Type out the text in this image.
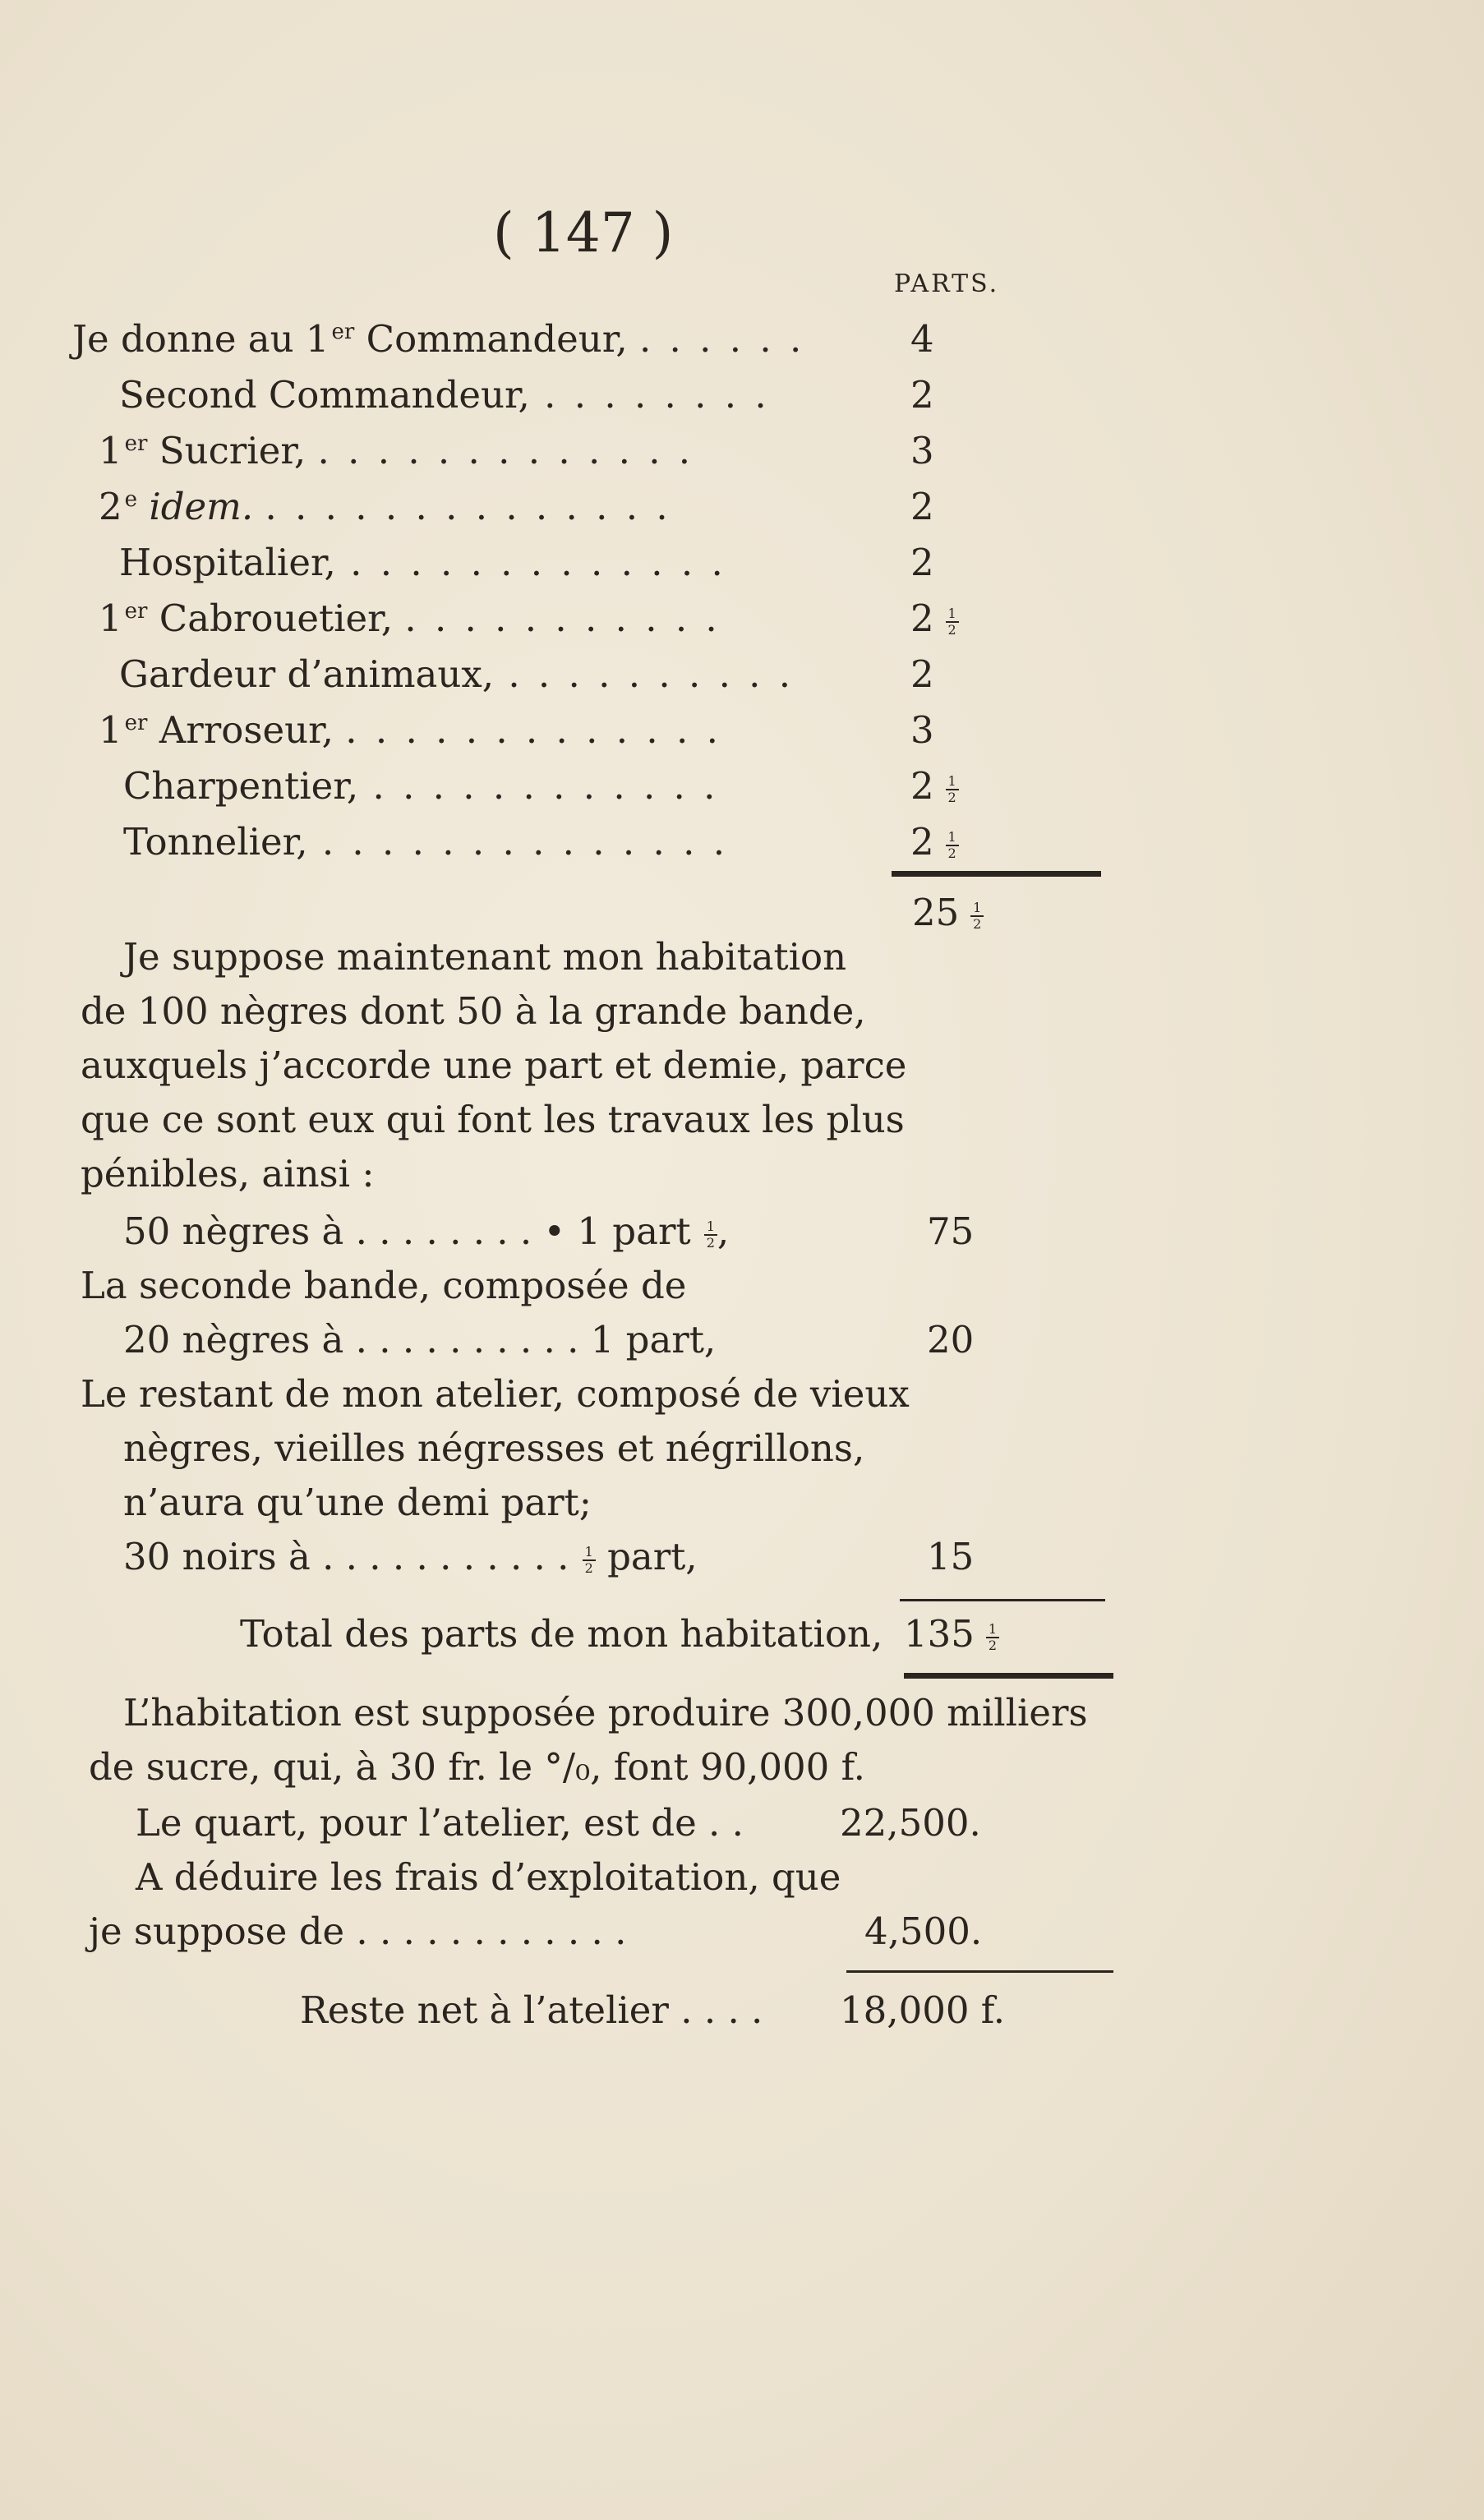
( 147 )
PARTS.
Je donne au 1 $^{er}$ Commandeur, . . . . . .	4
Second Commandeur, . . . . . . . .	2
1 $^{er}$ Sucrier, . . . . . . . . . . . . .	3
2 $^e$ idem. . . . . . . . . . . . . . .	2
Hospitalier, . . . . . . . . . . . . .	2
1 $^{er}$ Cabrouetier, . . . . . . . . . . .	$2 \frac{1}{2}$
Gardeur d’animaux, . . . . . . . . . .	2
1 $^{er}$ Arroseur, . . . . . . . . . . . . .	3
Charpentier, . . . . . . . . . . . .	$2 \frac{1}{2}$
Tonnelier, . . . . . . . . . . . . . .	$2 \frac{1}{2}$
$25 \frac{1}{2}$
Je suppose maintenant mon habitation
de 100 nègres dont 50 à la grande bande,
auxquels j’accorde une part et demie, parce
que ce sont eux qui font les travaux les plus
pénibles, ainsi :
50 nègres à . . . . . . . . • 1 part $\frac{1}{2}$ ,	75
La seconde bande, composée de
20 nègres à . . . . . . . . . . 1 part,	20
Le restant de mon atelier, composé de vieux
nègres, vieilles négresses et négrillons,
n’aura qu’une demi part;
30 noirs à . . . . . . . . . . . $\frac{1}{2}$ part,	15
Total des parts de mon habitation, $135 \frac{1}{2}$
L’habitation est supposée produire 300,000 milliers
de sucre, qui, à 30 fr. le °/₀, font 90,000 f.
Le quart, pour l’atelier, est de . .	22,500.
A déduire les frais d’exploitation, que
je suppose de . . . . . . . . . . . .	4,500.
Reste net à l’atelier . . . . 18,000 f.
